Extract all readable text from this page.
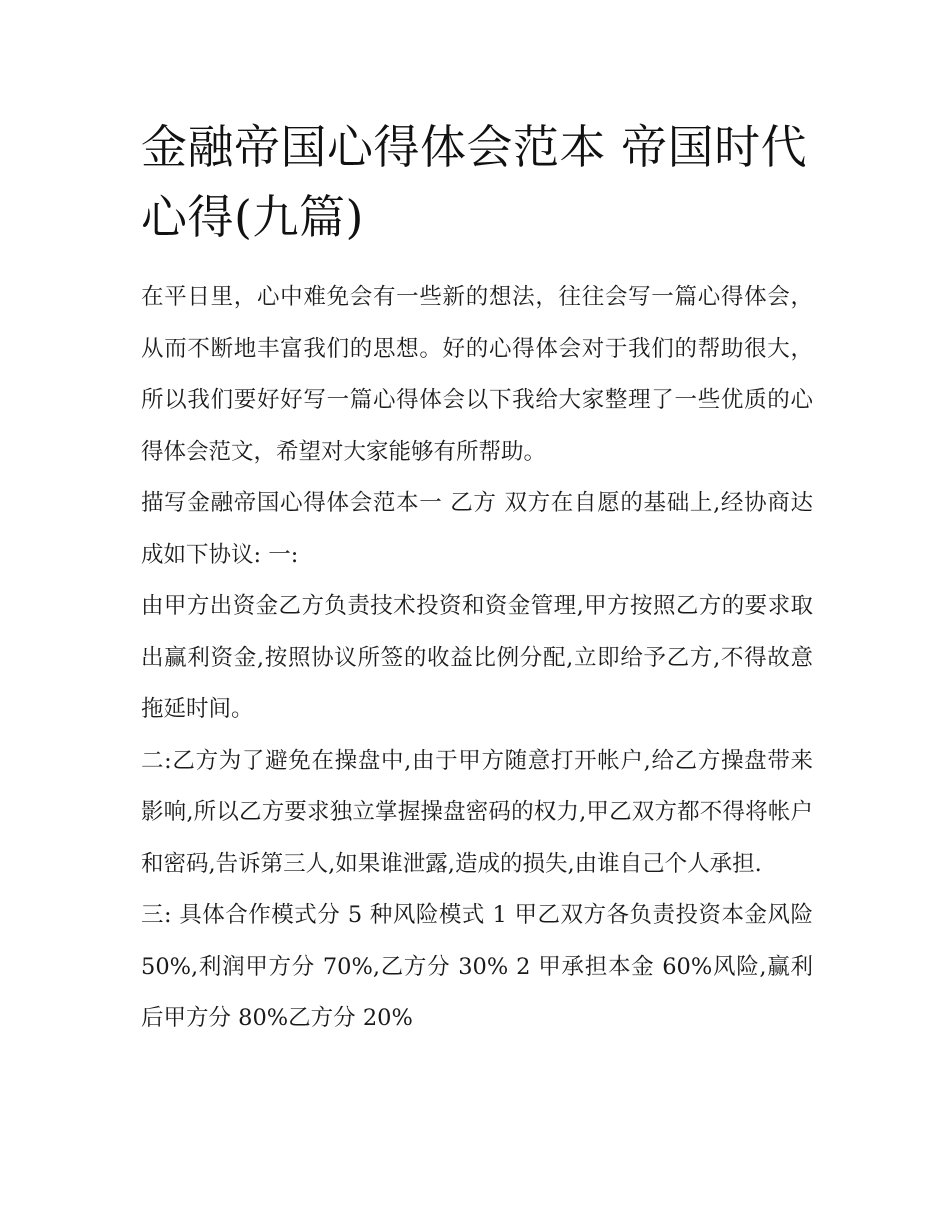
金融帝国心得体会范本 帝国时代心得(九篇)

在平日里，心中难免会有一些新的想法，往往会写一篇心得体会，从而不断地丰富我们的思想。好的心得体会对于我们的帮助很大，所以我们要好好写一篇心得体会以下我给大家整理了一些优质的心得体会范文，希望对大家能够有所帮助。

描写金融帝国心得体会范本一 乙方 双方在自愿的基础上,经协商达成如下协议: 一:

由甲方出资金乙方负责技术投资和资金管理,甲方按照乙方的要求取出赢利资金,按照协议所签的收益比例分配,立即给予乙方,不得故意拖延时间。

二:乙方为了避免在操盘中,由于甲方随意打开帐户,给乙方操盘带来影响,所以乙方要求独立掌握操盘密码的权力,甲乙双方都不得将帐户和密码,告诉第三人,如果谁泄露,造成的损失,由谁自己个人承担.

三: 具体合作模式分 5 种风险模式 1 甲乙双方各负责投资本金风险 50%,利润甲方分 70%,乙方分 30% 2 甲承担本金 60%风险,赢利后甲方分 80%乙方分 20%
